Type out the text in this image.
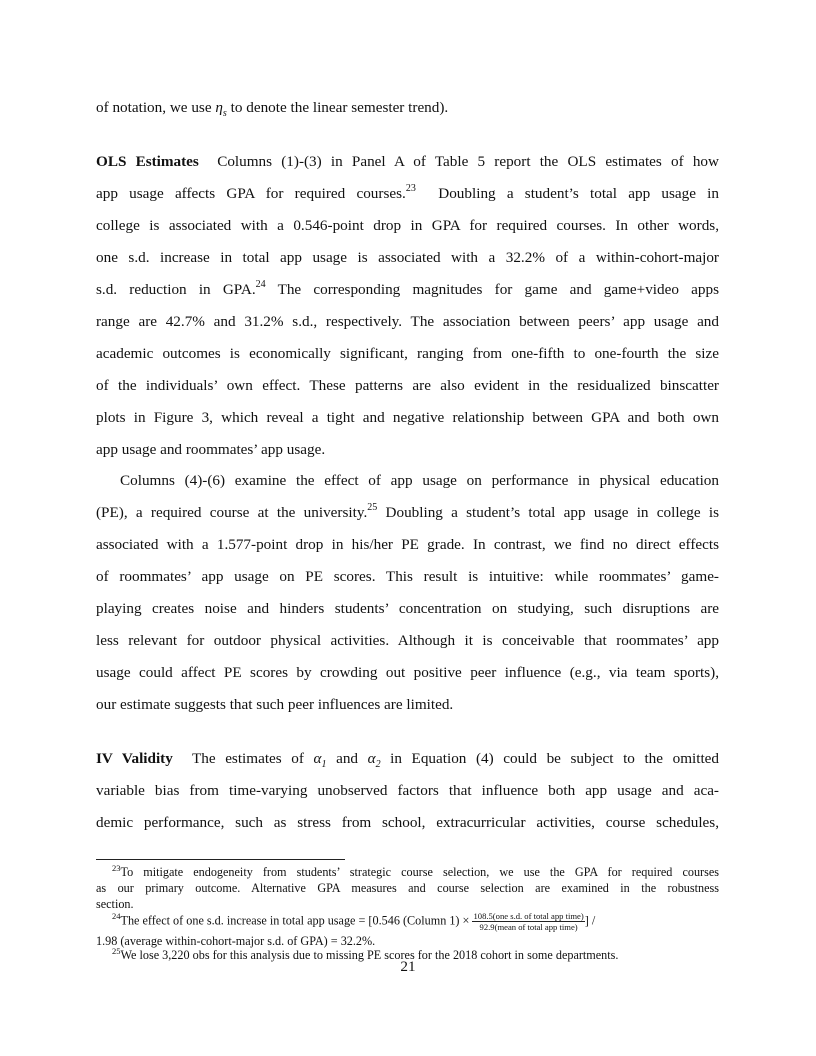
of notation, we use $\eta_s$ to denote the linear semester trend).
OLS Estimates Columns (1)-(3) in Panel A of Table 5 report the OLS estimates of how
app usage affects GPA for required courses.$^{23}$ Doubling a student’s total app usage in
college is associated with a 0.546-point drop in GPA for required courses. In other words,
one s.d. increase in total app usage is associated with a 32.2% of a within-cohort-major
s.d. reduction in GPA.$^{24}$ The corresponding magnitudes for game and game+video apps
range are 42.7% and 31.2% s.d., respectively. The association between peers’ app usage and
academic outcomes is economically significant, ranging from one-fifth to one-fourth the size
of the individuals’ own effect. These patterns are also evident in the residualized binscatter
plots in Figure 3, which reveal a tight and negative relationship between GPA and both own
app usage and roommates’ app usage.
Columns (4)-(6) examine the effect of app usage on performance in physical education
(PE), a required course at the university.$^{25}$ Doubling a student’s total app usage in college is
associated with a 1.577-point drop in his/her PE grade. In contrast, we find no direct effects
of roommates’ app usage on PE scores. This result is intuitive: while roommates’ game-
playing creates noise and hinders students’ concentration on studying, such disruptions are
less relevant for outdoor physical activities. Although it is conceivable that roommates’ app
usage could affect PE scores by crowding out positive peer influence (e.g., via team sports),
our estimate suggests that such peer influences are limited.
IV Validity The estimates of $\alpha_1$ and $\alpha_2$ in Equation (4) could be subject to the omitted
variable bias from time-varying unobserved factors that influence both app usage and aca-
demic performance, such as stress from school, extracurricular activities, course schedules,
$^{23}$To mitigate endogeneity from students’ strategic course selection, we use the GPA for required courses
as our primary outcome. Alternative GPA measures and course selection are examined in the robustness
section.
$^{24}$The effect of one s.d. increase in total app usage = [0.546 (Column $1) \times \frac{\text{108.5(one s.d. of total app time)}}{\text{92.9(mean of total app time)}}$ ] /
1.98 (average within-cohort-major s.d. of GPA) = 32.2%.
$^{25}$We lose 3,220 obs for this analysis due to missing PE scores for the 2018 cohort in some departments.
21
